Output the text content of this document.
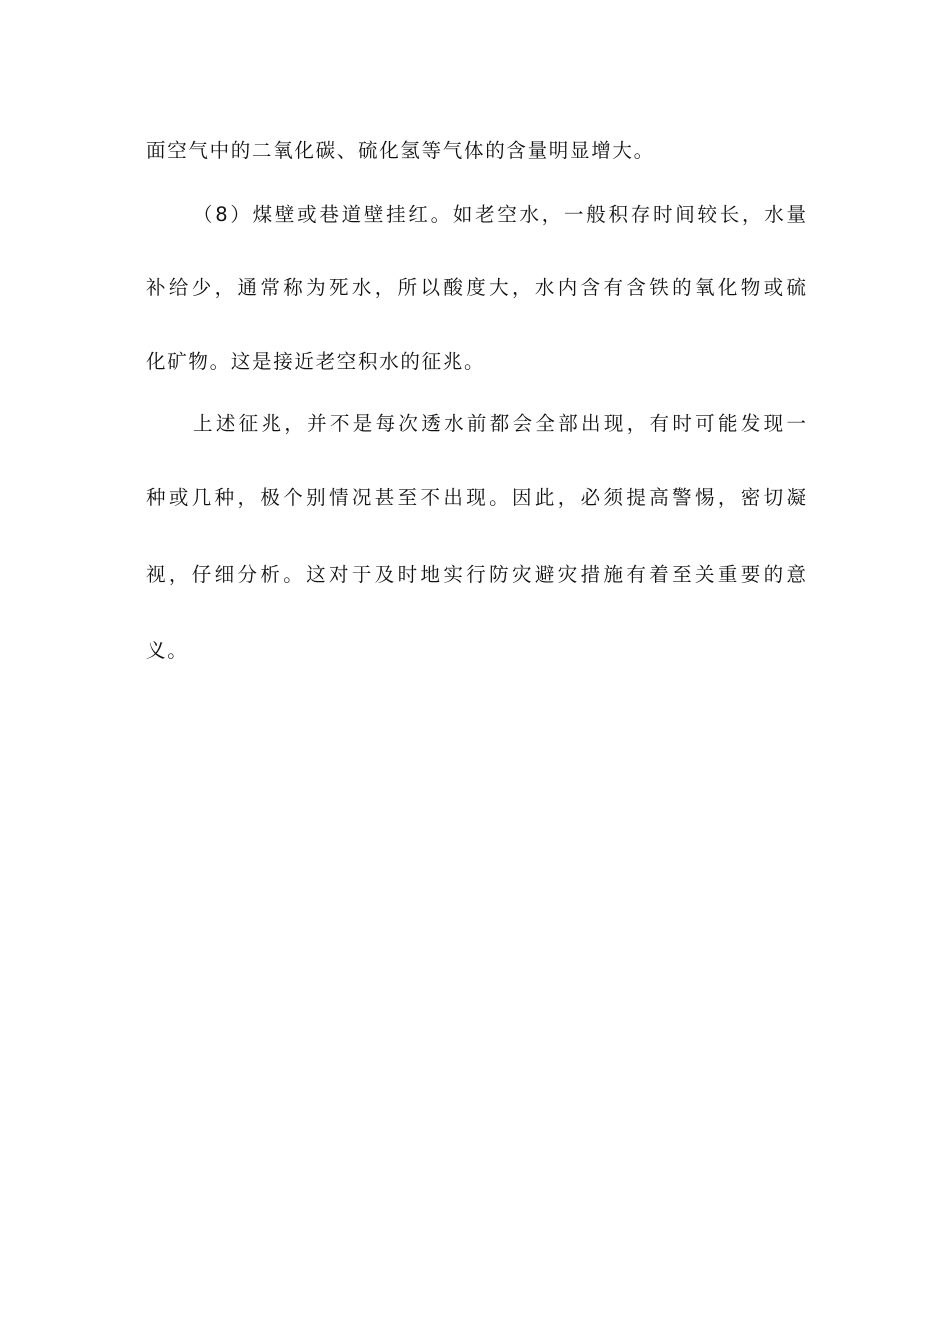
面空气中的二氧化碳、硫化氢等气体的含量明显增大。
（8）煤壁或巷道壁挂红。如老空水，一般积存时间较长，水量
补给少，通常称为死水，所以酸度大，水内含有含铁的氧化物或硫
化矿物。这是接近老空积水的征兆。
上述征兆，并不是每次透水前都会全部出现，有时可能发现一
种或几种，极个别情况甚至不出现。因此，必须提高警惕，密切凝
视，仔细分析。这对于及时地实行防灾避灾措施有着至关重要的意
义。
